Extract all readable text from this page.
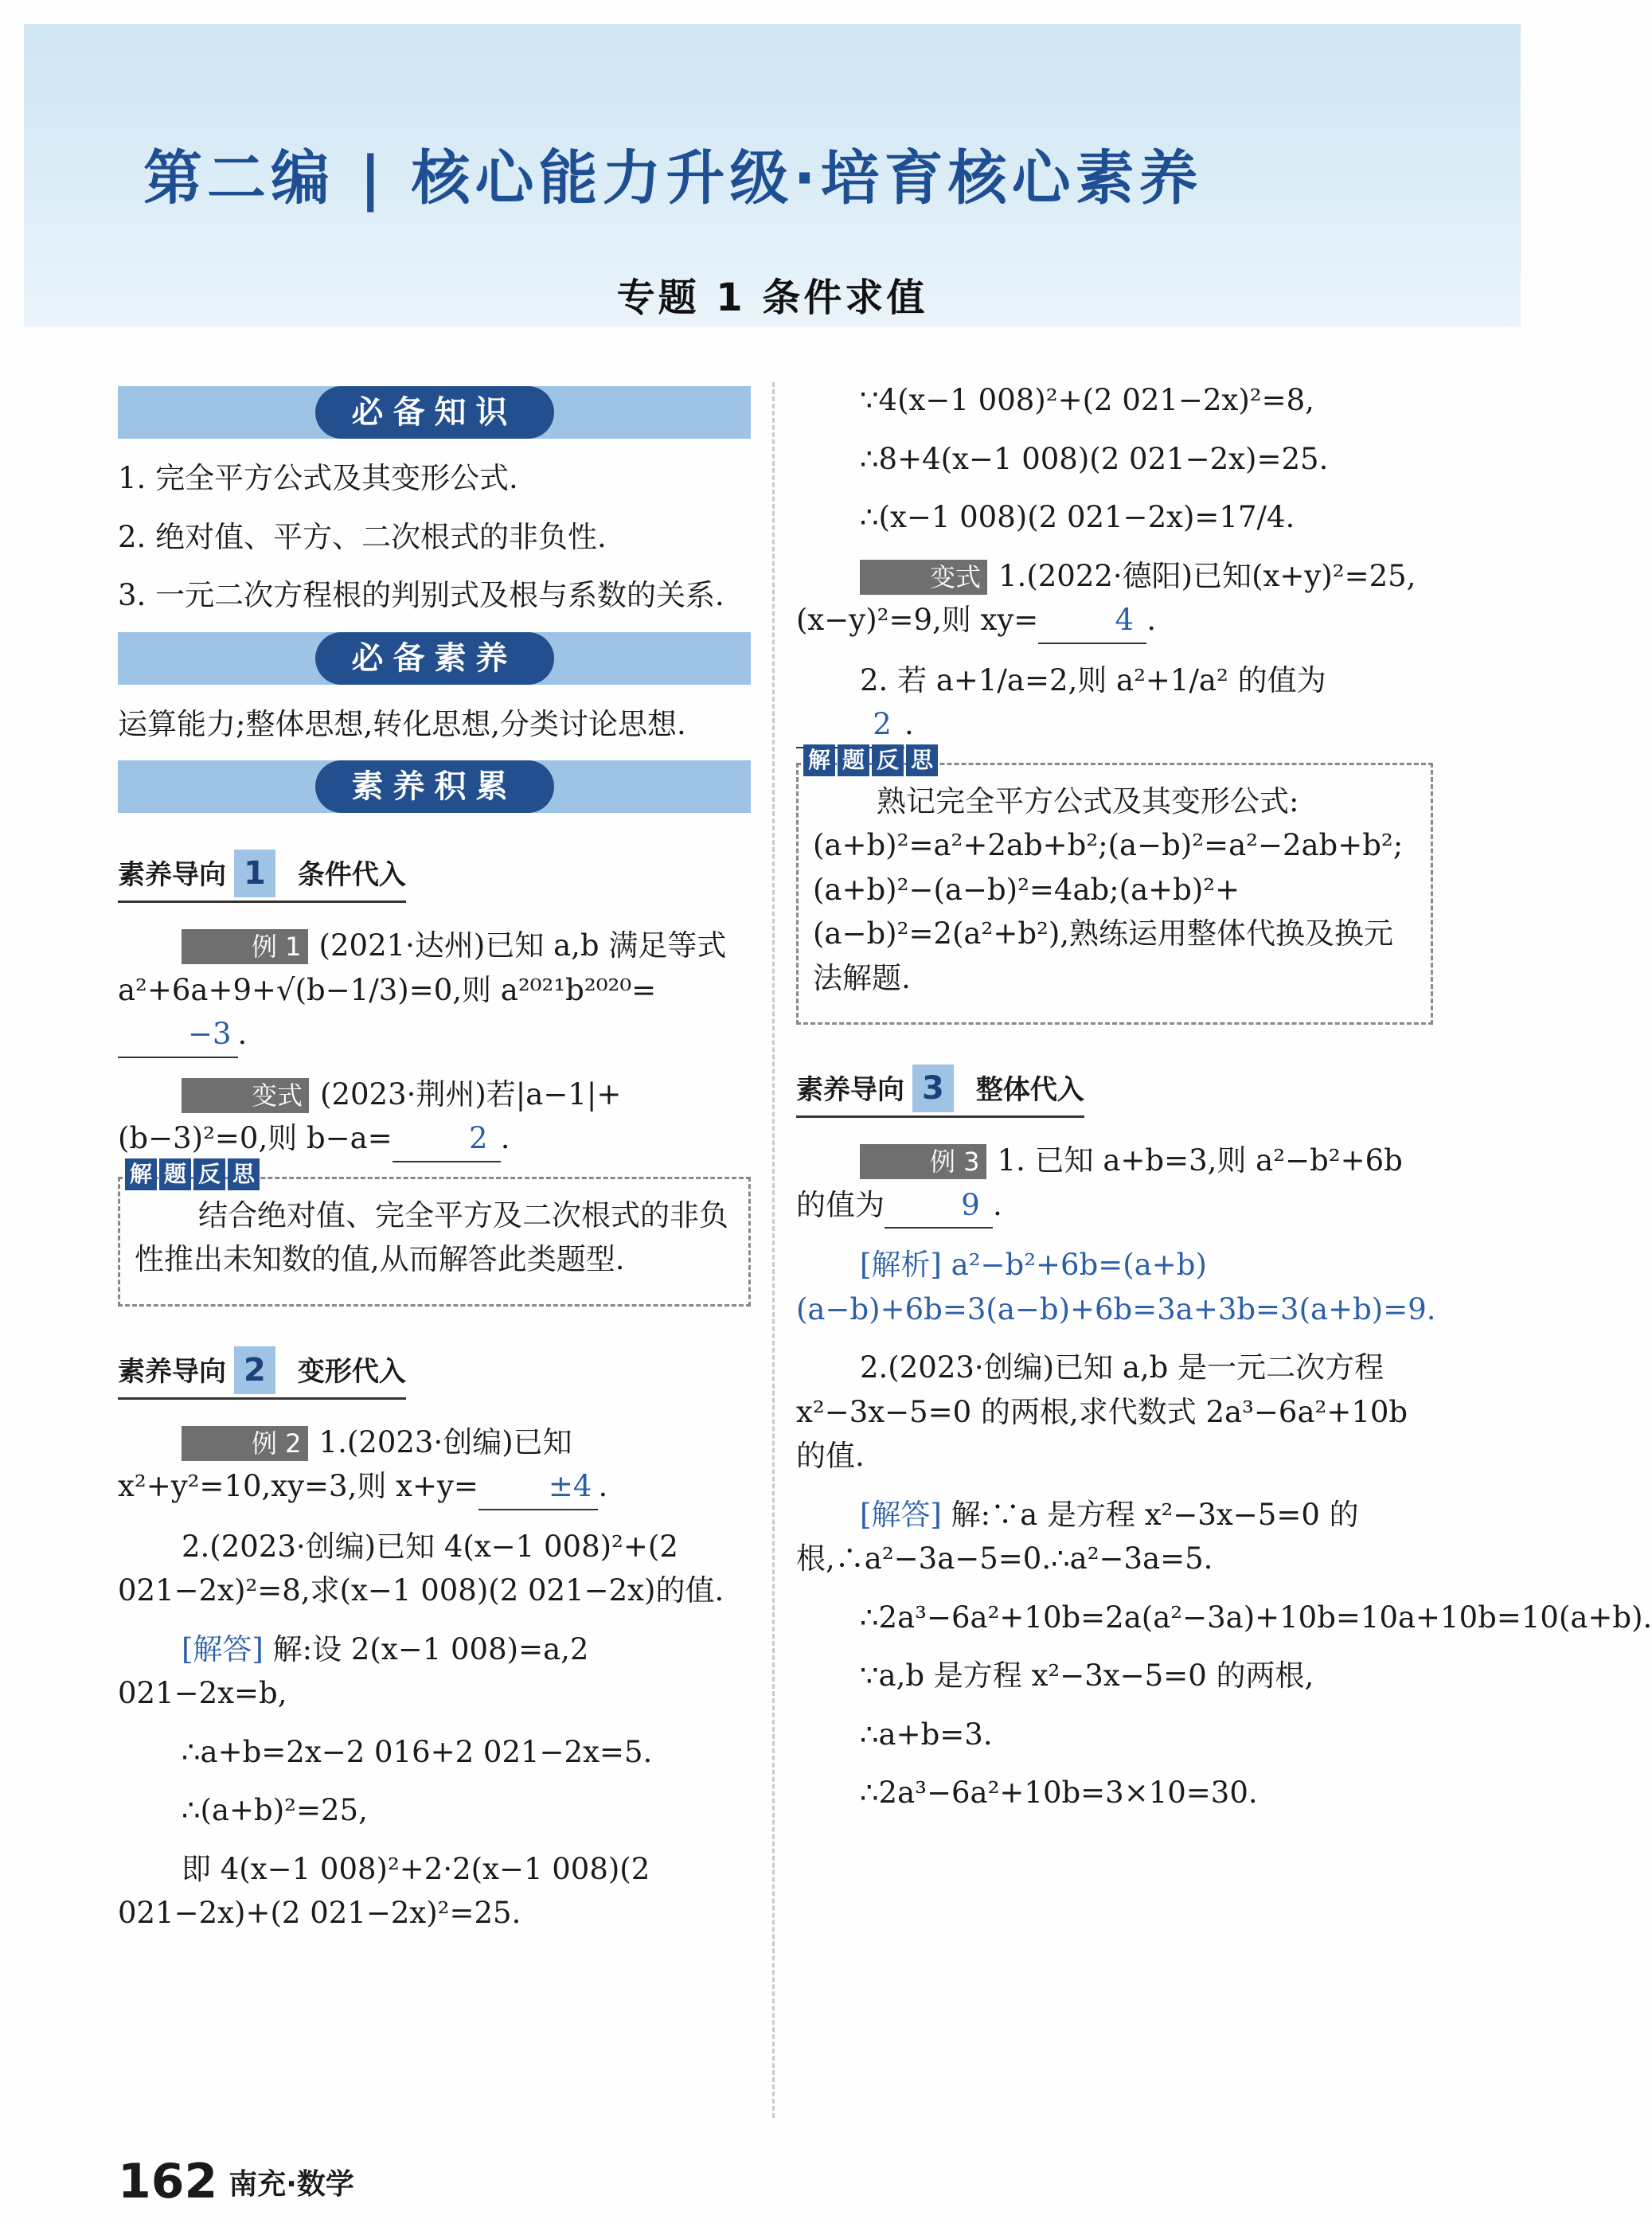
第二编 | 核心能力升级·培育核心素养
专题 1 条件求值
必备知识

1. 完全平方公式及其变形公式.

2. 绝对值、平方、二次根式的非负性.

3. 一元二次方程根的判别式及根与系数的关系.

必备素养

运算能力;整体思想,转化思想,分类讨论思想.

素养积累
素养导向 1 条件代入

例 1 (2021·达州)已知 a,b 满足等式 a²+6a+9+√(b−1/3)=0,则 a²⁰²¹b²⁰²⁰=−3 .

变式 (2023·荆州)若|a−1|+(b−3)²=0,则 b−a=	2 .

解 题 反 思

结合绝对值、完全平方及二次根式的非负性推出未知数的值,从而解答此类题型.

素养导向 2 变形代入

例 2 1.(2023·创编)已知 x²+y²=10,xy=3,则 x+y= ±4 .

2.(2023·创编)已知 4(x−1 008)²+(2 021−2x)²=8,求(x−1 008)(2 021−2x)的值.

[解答] 解:设 2(x−1 008)=a,2 021−2x=b,

∴a+b=2x−2 016+2 021−2x=5.

∴(a+b)²=25,

即 4(x−1 008)²+2·2(x−1 008)(2 021−2x)+(2 021−2x)²=25.

∵4(x−1 008)²+(2 021−2x)²=8,

∴8+4(x−1 008)(2 021−2x)=25.

∴(x−1 008)(2 021−2x)=17/4.

变式 1.(2022·德阳)已知(x+y)²=25,(x−y)²=9,则 xy=	4 .

2. 若 a+1/a=2,则 a²+1/a² 的值为2 .

解 题 反 思

熟记完全平方公式及其变形公式:(a+b)²=a²+2ab+b²;(a−b)²=a²−2ab+b²;(a+b)²−(a−b)²=4ab;(a+b)²+(a−b)²=2(a²+b²),熟练运用整体代换及换元法解题.

素养导向 3 整体代入

例 3 1. 已知 a+b=3,则 a²−b²+6b 的值为	9 .

[解析] a²−b²+6b=(a+b)(a−b)+6b=3(a−b)+6b=3a+3b=3(a+b)=9.

2.(2023·创编)已知 a,b 是一元二次方程 x²−3x−5=0 的两根,求代数式 2a³−6a²+10b 的值.

[解答] 解:∵a 是方程 x²−3x−5=0 的根,∴a²−3a−5=0.∴a²−3a=5.

∴2a³−6a²+10b=2a(a²−3a)+10b=10a+10b=10(a+b).

∵a,b 是方程 x²−3x−5=0 的两根,

∴a+b=3.

∴2a³−6a²+10b=3×10=30.

162 南充·数学
